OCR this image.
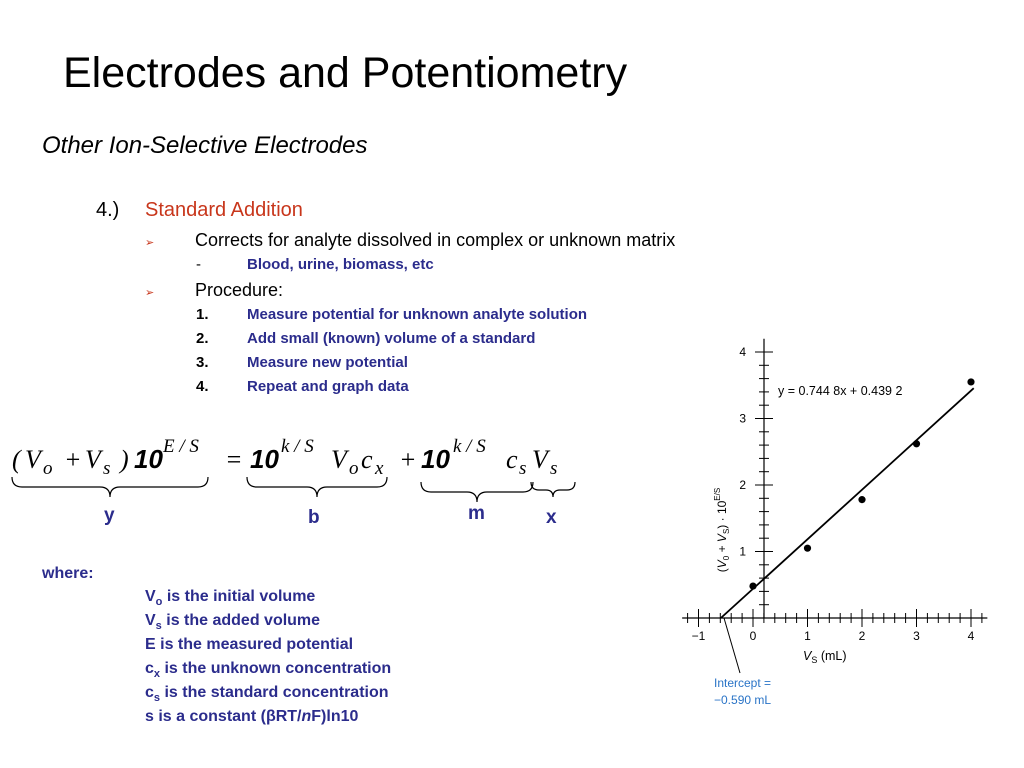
Electrodes and Potentiometry
Other Ion-Selective Electrodes
4.) Standard Addition
➢ Corrects for analyte dissolved in complex or unknown matrix
-	Blood, urine, biomass, etc
➢ Procedure:
1.	Measure potential for unknown analyte solution
2.	Add small (known) volume of a standard
3.	Measure new potential
4.	Repeat and graph data
( V o + V s ) 10 E / S = 10 k / S V o c x + 10 k / S c s V s
y	b	m	x
where:
$V_o$ is the initial volume
$V_s$ is the added volume
E is the measured potential
$c_x$ is the unknown concentration
$c_s$ is the standard concentration
s is a constant (βRT/nF)ln10
−1	0	1	2	3	4
1
2
3
4
y = 0.744 8x + 0.439 2
$V_S$ (mL)
$(V_0 + V_S) \cdot 10^{E/S}$
Intercept =
−0.590 mL
